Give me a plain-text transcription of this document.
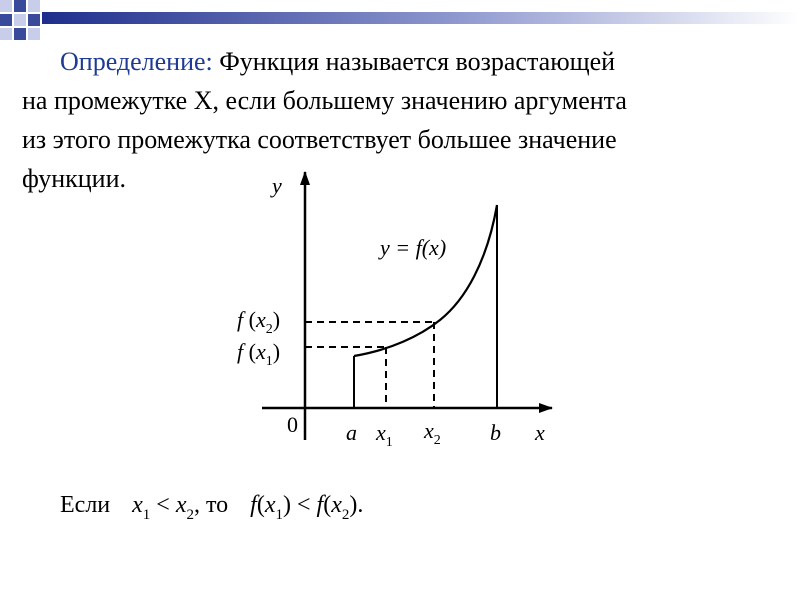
Определение: Функция называется возрастающей
на промежутке X, если большему значению аргумента
из этого промежутка соответствует большее значение
функции.	y
x
0
y = f(x)
a $x_1$ $x_2$ b
f $(x_2)$
f $(x_1)$
Если $x_1 < x_2$, то $f(x_1) < f(x_2)$.
